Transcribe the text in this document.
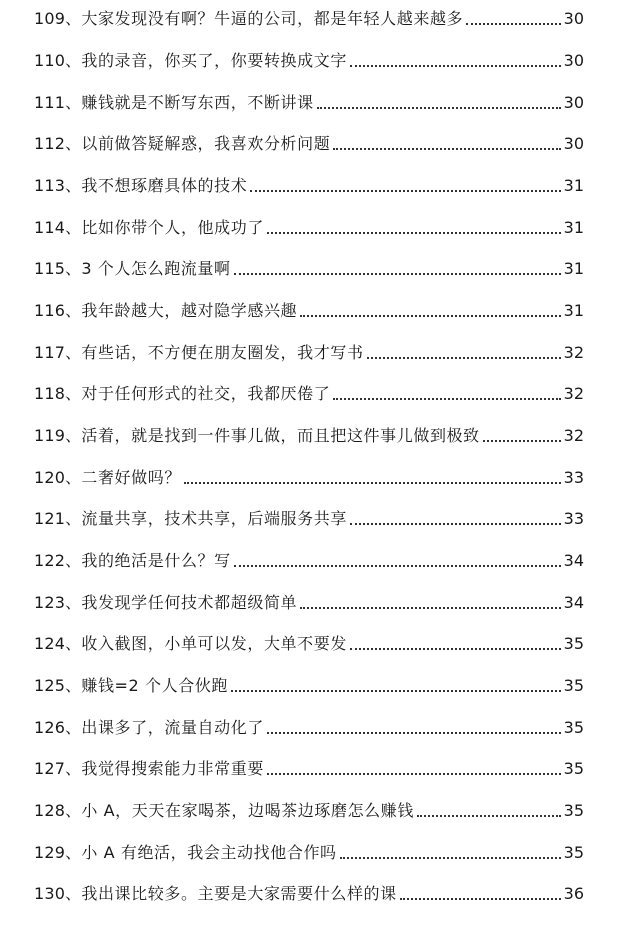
109、 大家发现没有啊？牛逼的公司，都是年轻人越来越多	30
110、 我的录音，你买了，你要转换成文字	30
111、 赚钱就是不断写东西，不断讲课	30
112、 以前做答疑解惑，我喜欢分析问题	30
113、 我不想琢磨具体的技术	31
114、 比如你带个人，他成功了	31
115、 3 个人怎么跑流量啊	31
116、 我年龄越大，越对隐学感兴趣	31
117、 有些话，不方便在朋友圈发，我才写书	32
118、 对于任何形式的社交，我都厌倦了	32
119、 活着，就是找到一件事儿做，而且把这件事儿做到极致	32
120、 二奢好做吗？	33
121、 流量共享，技术共享，后端服务共享	33
122、 我的绝活是什么？写	34
123、 我发现学任何技术都超级简单	34
124、 收入截图，小单可以发，大单不要发	35
125、 赚钱=2 个人合伙跑	35
126、 出课多了，流量自动化了	35
127、 我觉得搜索能力非常重要	35
128、 小 A，天天在家喝茶，边喝茶边琢磨怎么赚钱	35
129、 小 A 有绝活，我会主动找他合作吗	35
130、 我出课比较多。主要是大家需要什么样的课	36
